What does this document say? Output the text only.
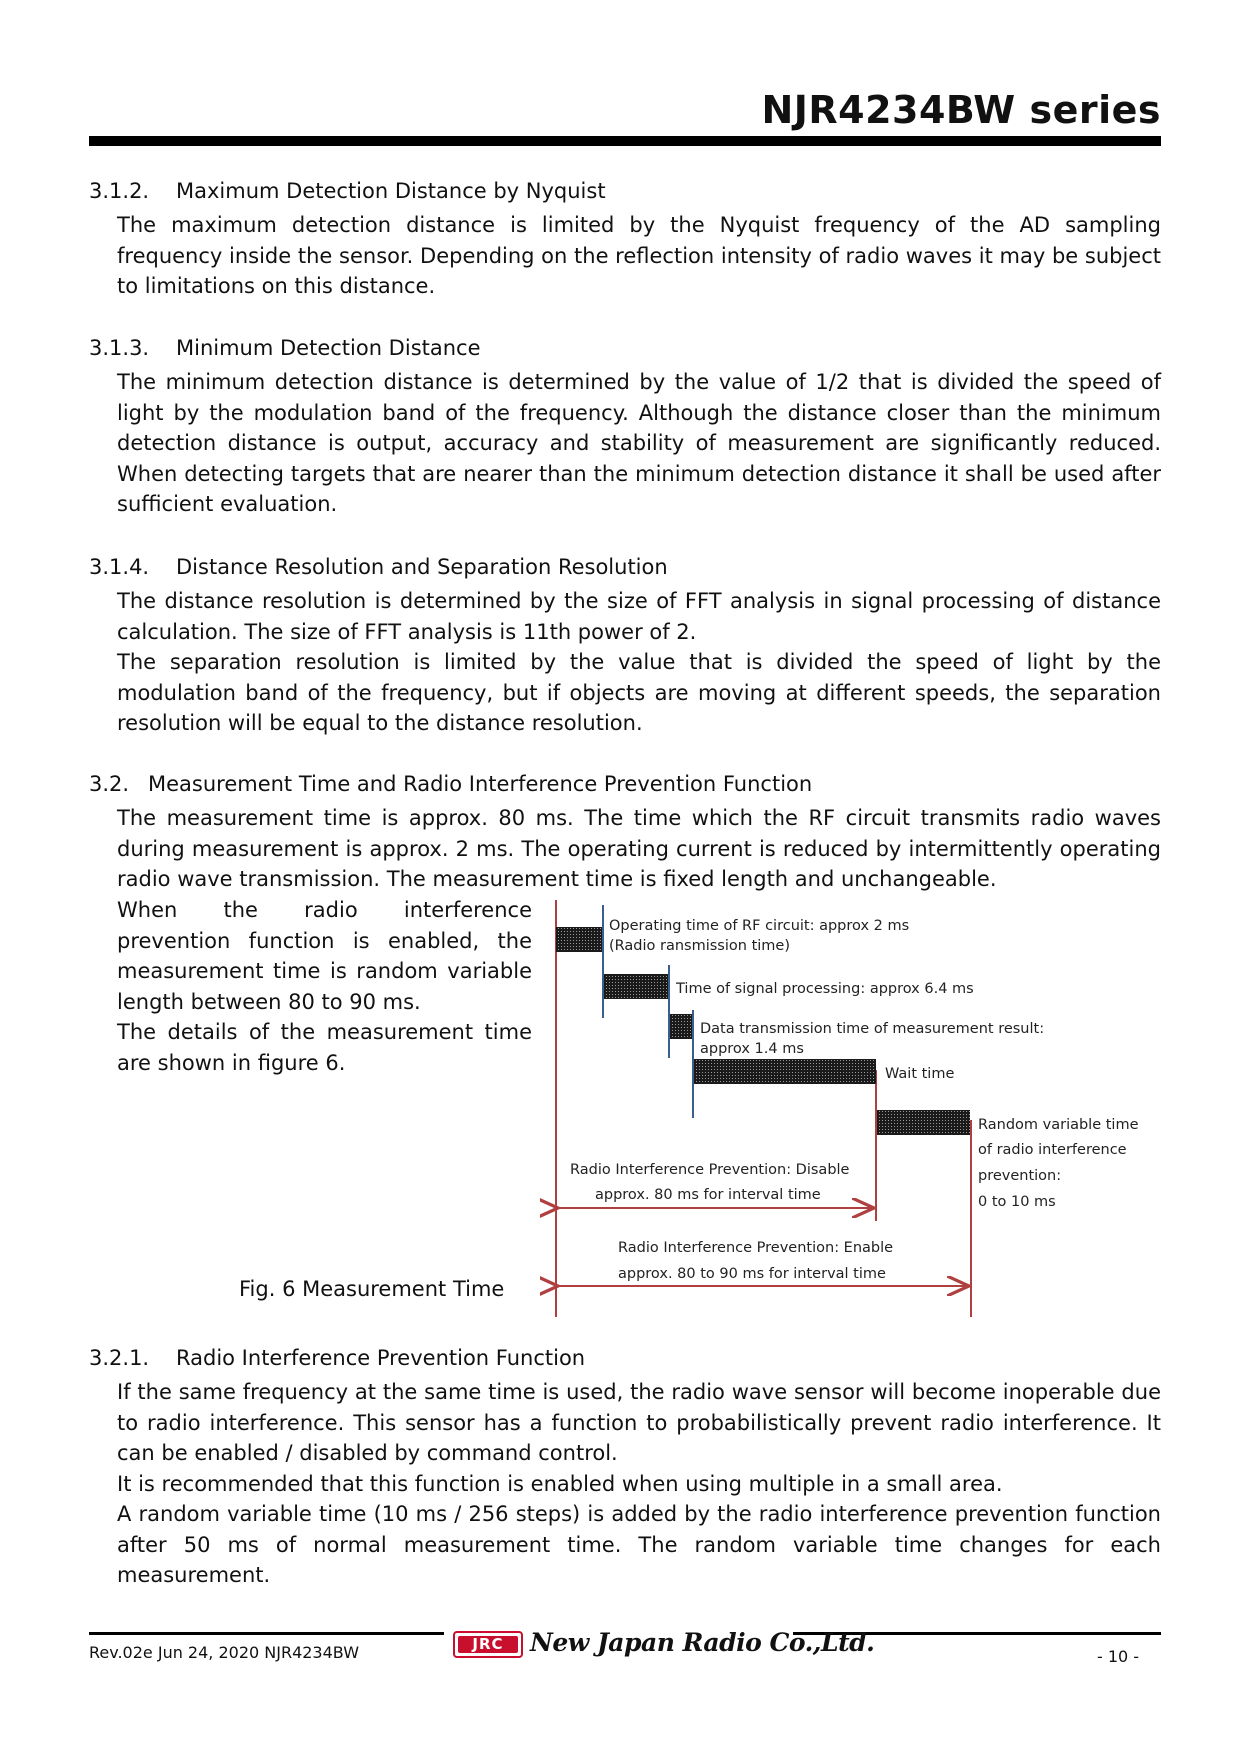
NJR4234BW series
3.1.2. Maximum Detection Distance by Nyquist
The maximum detection distance is limited by the Nyquist frequency of the AD sampling frequency inside the sensor. Depending on the reflection intensity of radio waves it may be subject to limitations on this distance.
3.1.3. Minimum Detection Distance
The minimum detection distance is determined by the value of 1/2 that is divided the speed of light by the modulation band of the frequency. Although the distance closer than the minimum detection distance is output, accuracy and stability of measurement are significantly reduced. When detecting targets that are nearer than the minimum detection distance it shall be used after sufficient evaluation.
3.1.4. Distance Resolution and Separation Resolution
The distance resolution is determined by the size of FFT analysis in signal processing of distance calculation. The size of FFT analysis is 11th power of 2.
The separation resolution is limited by the value that is divided the speed of light by the modulation band of the frequency, but if objects are moving at different speeds, the separation resolution will be equal to the distance resolution.
3.2. Measurement Time and Radio Interference Prevention Function
The measurement time is approx. 80 ms. The time which the RF circuit transmits radio waves during measurement is approx. 2 ms. The operating current is reduced by intermittently operating radio wave transmission. The measurement time is fixed length and unchangeable.
When the radio interference prevention function is enabled, the measurement time is random variable length between 80 to 90 ms.
The details of the measurement time are shown in figure 6.
Operating time of RF circuit: approx 2 ms
(Radio ransmission time)
Time of signal processing: approx 6.4 ms
Data transmission time of measurement result:
approx 1.4 ms
Wait time
Random variable time
of radio interference
prevention:
0 to 10 ms
Radio Interference Prevention: Disable
approx. 80 ms for interval time
Radio Interference Prevention: Enable
approx. 80 to 90 ms for interval time
Fig. 6 Measurement Time
3.2.1. Radio Interference Prevention Function
If the same frequency at the same time is used, the radio wave sensor will become inoperable due to radio interference. This sensor has a function to probabilistically prevent radio interference. It can be enabled / disabled by command control.
It is recommended that this function is enabled when using multiple in a small area.
A random variable time (10 ms / 256 steps) is added by the radio interference prevention function after 50 ms of normal measurement time. The random variable time changes for each measurement.
Rev.02e Jun 24, 2020 NJR4234BW	JRC	New Japan Radio Co.,Ltd.	- 10 -
